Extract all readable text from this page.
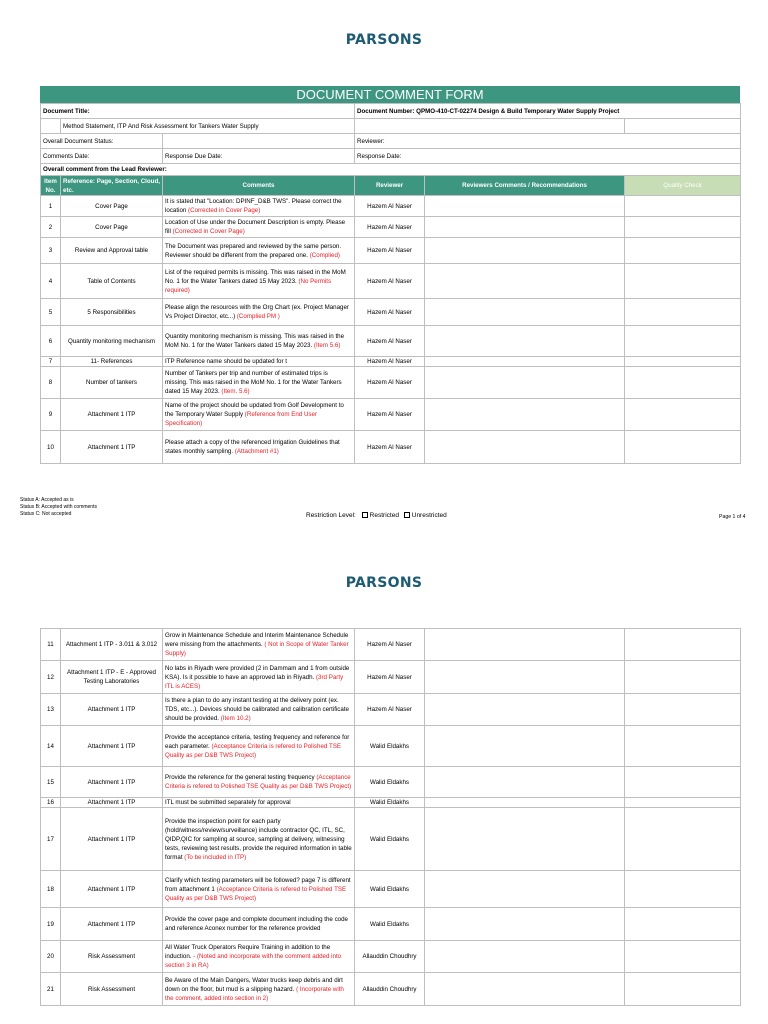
PARSONS
DOCUMENT COMMENT FORM
Document Title:			Document Number: QPMO-410-CT-02274 Design & Build Temporary Water Supply Project		
	Method Statement, ITP And Risk Assessment for Tankers Water Supply				
Overall Document Status:			Reviewer:		
Comments Date:		Response Due Date:	Response Date:		
Overall comment from the Lead Reviewer:					
Item No.	Reference: Page, Section, Cloud, etc.	Comments	Reviewer	Reviewers Comments / Recommendations	Quality Check
1	Cover Page	It is stated that "Location: DPINF_D&B TWS". Please correct the location (Corrected in Cover Page)	Hazem Al Naser		
2	Cover Page	Location of Use under the Document Description is empty. Please fill (Corrected in Cover Page)	Hazem Al Naser		
3	Review and Approval table	The Document was prepared and reviewed by the same person. Reviewer should be different from the prepared one. (Complied)	Hazem Al Naser		
4	Table of Contents	List of the required permits is missing. This was raised in the MoM No. 1 for the Water Tankers dated 15 May 2023. (No Permits required)	Hazem Al Naser		
5	5 Responsibilities	Please align the resources with the Org Chart (ex. Project Manager Vs Project Director, etc...) (Complied PM )	Hazem Al Naser		
6	Quantity monitoring mechanism	Quantity monitoring mechanism is missing. This was raised in the MoM No. 1 for the Water Tankers dated 15 May 2023. (Item 5.6)	Hazem Al Naser		
7	11- References	ITP Reference name should be updated for t	Hazem Al Naser		
8	Number of tankers	Number of Tankers per trip and number of estimated trips is missing. This was raised in the MoM No. 1 for the Water Tankers dated 15 May 2023. (Item. 5.6)	Hazem Al Naser		
9	Attachment 1 ITP	Name of the project should be updated from Golf Development to the Temporary Water Supply (Reference from End User Specification)	Hazem Al Naser		
10	Attachment 1 ITP	Please attach a copy of the referenced Irrigation Guidelines that states monthly sampling. (Attachment #1)	Hazem Al Naser		
Status A: Accepted as is
Status B: Accepted with comments
Status C: Not accepted	Restriction Level: Restricted Unrestricted	Page 1 of 4
PARSONS
11	Attachment 1 ITP - 3.011 & 3.012	Grow in Maintenance Schedule and Interim Maintenance Schedule were missing from the attachments. ( Not in Scope of Water Tanker Supply)	Hazem Al Naser		
12	Attachment 1 ITP - E - Approved Testing Laboratories	No labs in Riyadh were provided (2 in Dammam and 1 from outside KSA). Is it possible to have an approved lab in Riyadh. (3rd Party ITL is ACES)	Hazem Al Naser		
13	Attachment 1 ITP	Is there a plan to do any instant testing at the delivery point (ex. TDS, etc...). Devices should be calibrated and calibration certificate should be provided. (Item 10.2)	Hazem Al Naser		
14	Attachment 1 ITP	Provide the acceptance criteria, testing frequency and reference for each parameter. (Acceptance Criteria is refered to Polished TSE Quality as per D&B TWS Project)	Walid Eldakhs		
15	Attachment 1 ITP	Provide the reference for the general testing frequency (Acceptance Criteria is refered to Polished TSE Quality as per D&B TWS Project)	Walid Eldakhs		
16	Attachment 1 ITP	ITL must be submitted separately for approval	Walid Eldakhs		
17	Attachment 1 ITP	Provide the inspection point for each party (hold/witness/review/surveillance) include contractor QC, ITL, SC, QIDP,QIC for sampling at source, sampling at delivery, witnessing tests, reviewing test results, provide the required information in table format (To be included in ITP)	Walid Eldakhs		
18	Attachment 1 ITP	Clarify which testing parameters will be followed? page 7 is different from attachment 1 (Acceptance Criteria is refered to Polished TSE Quality as per D&B TWS Project)	Walid Eldakhs		
19	Attachment 1 ITP	Provide the cover page and complete document including the code and reference Aconex number for the reference provided	Walid Eldakhs		
20	Risk Assessment	All Water Truck Operators Require Training in addition to the induction. - (Noted and incorporate with the comment added into section 3 in RA)	Allauddin Choudhry		
21	Risk Assessment	Be Aware of the Main Dangers, Water trucks keep debris and dirt down on the floor, but mud is a slipping hazard. ( Incorporate with the comment, added into section in 2)	Allauddin Choudhry		
